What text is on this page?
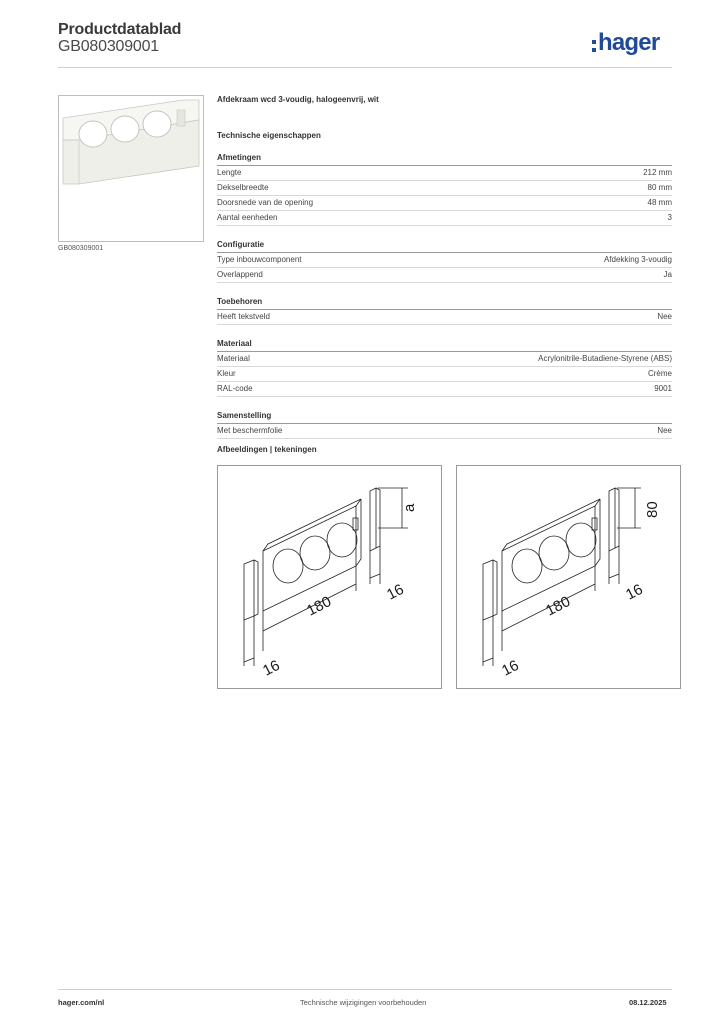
Productdatablad
GB080309001	hager
GB080309001
Afdekraam wcd 3-voudig, halogeenvrij, wit
Technische eigenschappen
Afmetingen
Lengte	212 mm
Dekselbreedte	80 mm
Doorsnede van de opening	48 mm
Aantal eenheden	3
Configuratie
Type inbouwcomponent	Afdekking 3-voudig
Overlappend	Ja
Toebehoren
Heeft tekstveld	Nee
Materiaal
Materiaal	Acrylonitrile-Butadiene-Styrene (ABS)
Kleur	Crème
RAL-code	9001
Samenstelling
Met beschermfolie	Nee
Afbeeldingen | tekeningen
180
16
16
a
180
16
16
80
hager.com/nl	Technische wijzigingen voorbehouden	08.12.2025
